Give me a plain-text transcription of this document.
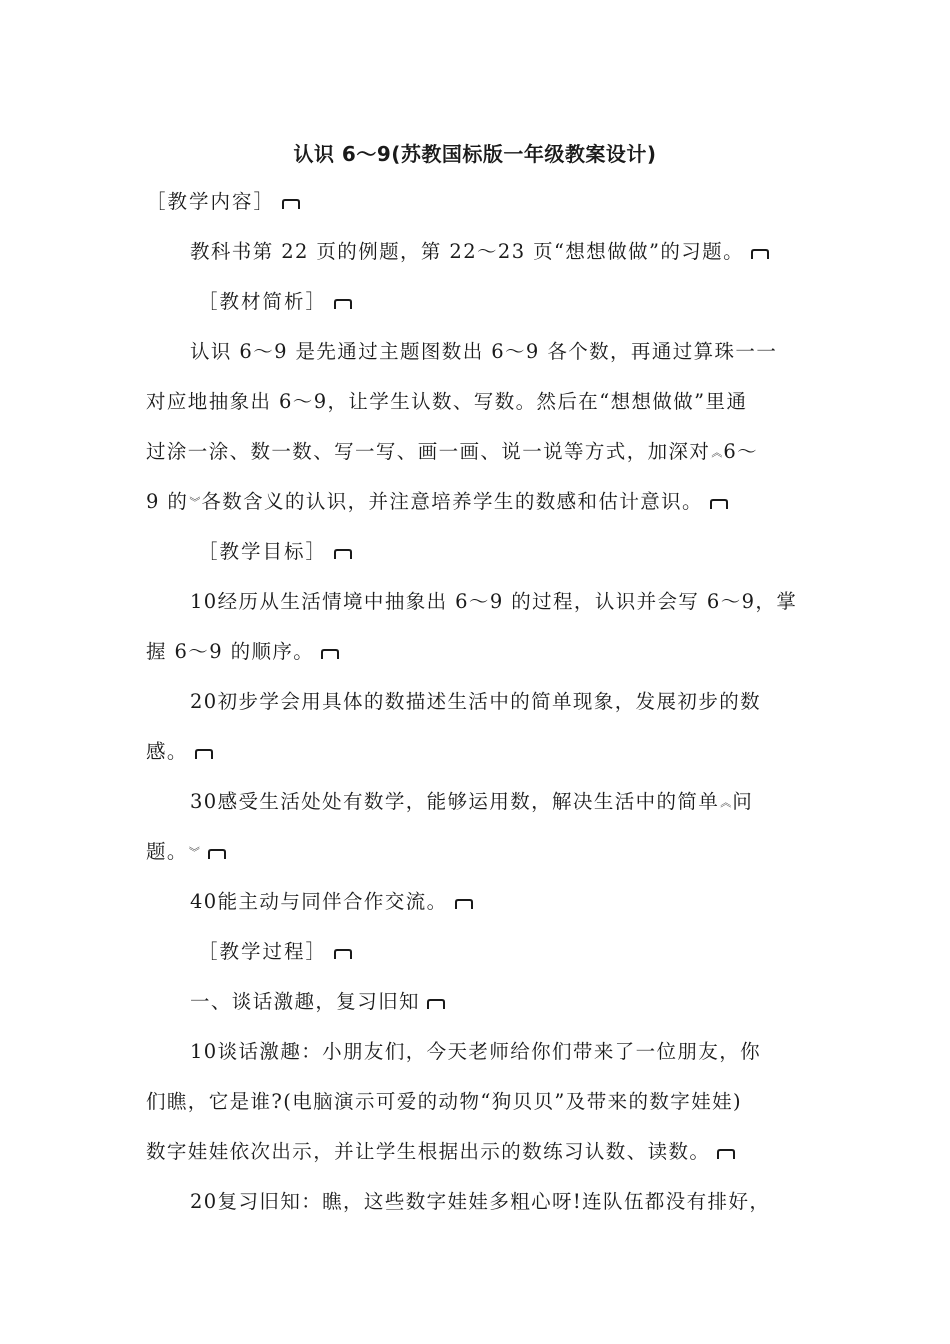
认识 6～9(苏教国标版一年级教案设计)
［教学内容］
教科书第 22 页的例题，第 22～23 页“想想做做”的习题。
［教材简析］
认识 6～9 是先通过主题图数出 6～9 各个数，再通过算珠一一
对应地抽象出 6～9，让学生认数、写数。然后在“想想做做”里通
过涂一涂、数一数、写一写、画一画、说一说等方式，加深对︽6～
9 的︾各数含义的认识，并注意培养学生的数感和估计意识。
［教学目标］
10经历从生活情境中抽象出 6～9 的过程，认识并会写 6～9，掌
握 6～9 的顺序。
20初步学会用具体的数描述生活中的简单现象，发展初步的数
感。
30感受生活处处有数学，能够运用数，解决生活中的简单︽问
题。︾
40能主动与同伴合作交流。
［教学过程］
一、谈话激趣，复习旧知
10谈话激趣：小朋友们，今天老师给你们带来了一位朋友，你
们瞧，它是谁?(电脑演示可爱的动物“狗贝贝”及带来的数字娃娃)
数字娃娃依次出示，并让学生根据出示的数练习认数、读数。
20复习旧知：瞧，这些数字娃娃多粗心呀!连队伍都没有排好，
